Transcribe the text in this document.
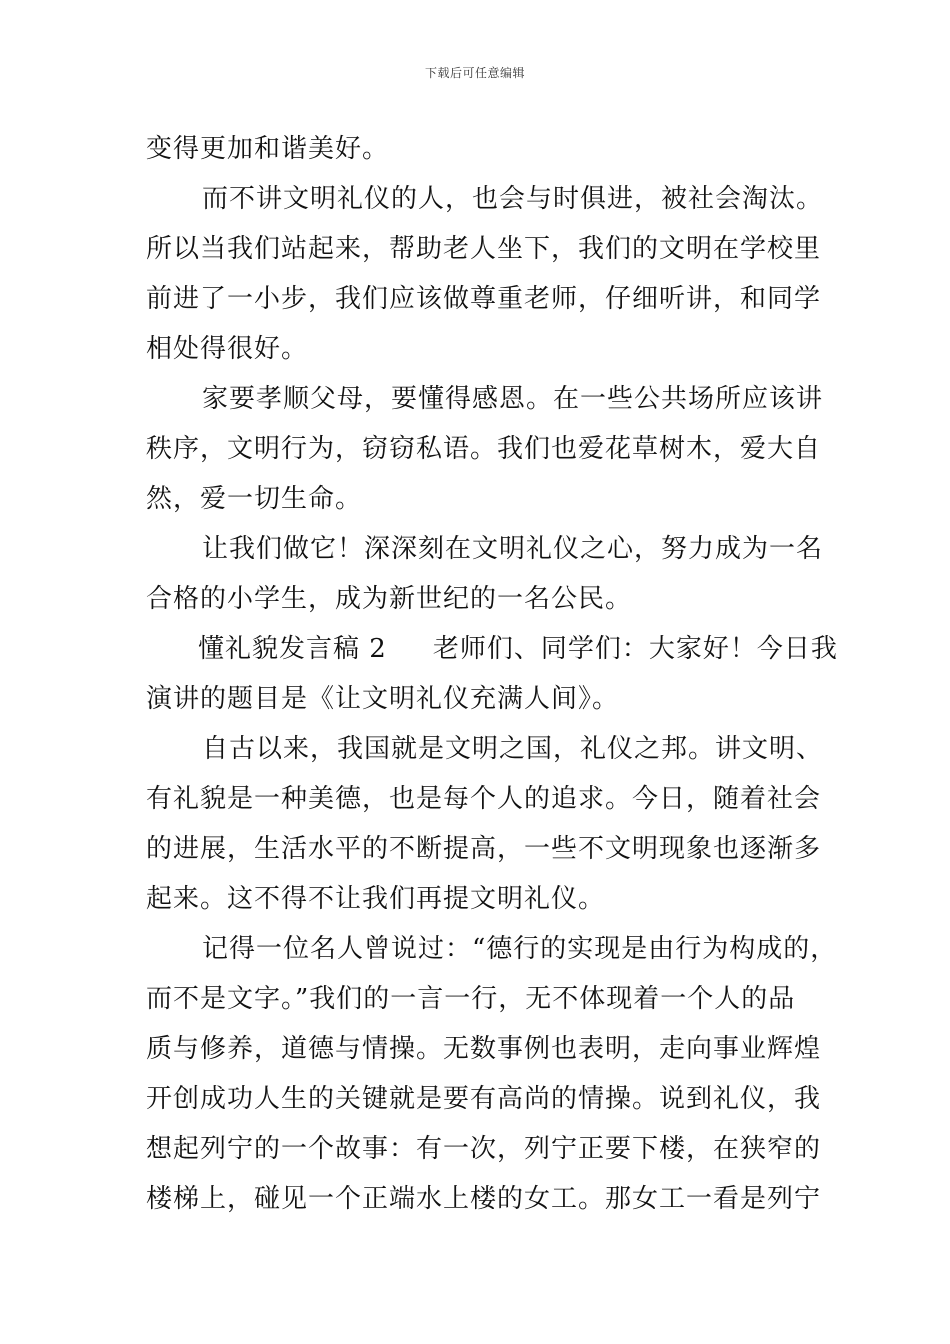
下载后可任意编辑
变得更加和谐美好。
而不讲文明礼仪的人，也会与时俱进，被社会淘汰。
所以当我们站起来，帮助老人坐下，我们的文明在学校里
前进了一小步，我们应该做尊重老师，仔细听讲，和同学
相处得很好。
家要孝顺父母，要懂得感恩。在一些公共场所应该讲
秩序，文明行为，窃窃私语。我们也爱花草树木，爱大自
然，爱一切生命。
让我们做它！深深刻在文明礼仪之心，努力成为一名
合格的小学生，成为新世纪的一名公民。
懂礼貌发言稿 2 老师们、同学们：大家好！今日我
演讲的题目是《让文明礼仪充满人间》。
自古以来，我国就是文明之国，礼仪之邦。讲文明、
有礼貌是一种美德，也是每个人的追求。今日，随着社会
的进展，生活水平的不断提高，一些不文明现象也逐渐多
起来。这不得不让我们再提文明礼仪。
记得一位名人曾说过：“德行的实现是由行为构成的，
而不是文字。”我们的一言一行，无不体现着一个人的品
质与修养，道德与情操。无数事例也表明，走向事业辉煌
开创成功人生的关键就是要有高尚的情操。说到礼仪，我
想起列宁的一个故事：有一次，列宁正要下楼，在狭窄的
楼梯上，碰见一个正端水上楼的女工。那女工一看是列宁
